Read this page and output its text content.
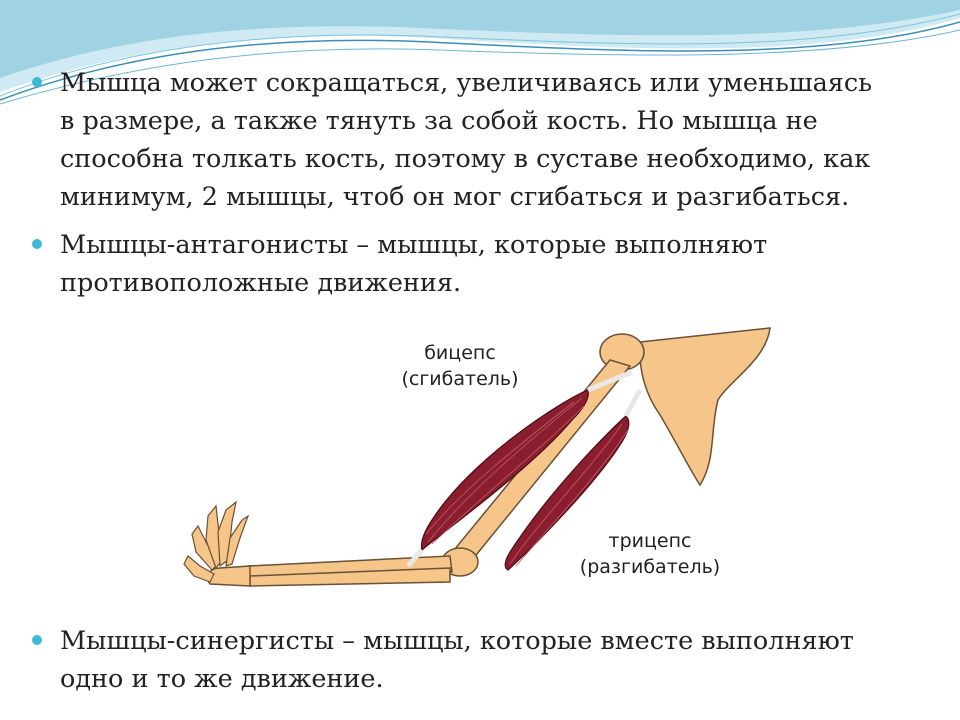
Мышца может сокращаться, увеличиваясь или уменьшаясь
в размере, а также тянуть за собой кость. Но мышца не
способна толкать кость, поэтому в суставе необходимо, как
минимум, 2 мышцы, чтоб он мог сгибаться и разгибаться.
Мышцы-антагонисты – мышцы, которые выполняют
противоположные движения.
Мышцы-синергисты – мышцы, которые вместе выполняют
одно и то же движение.
бицепс
(сгибатель)
трицепс
(разгибатель)
